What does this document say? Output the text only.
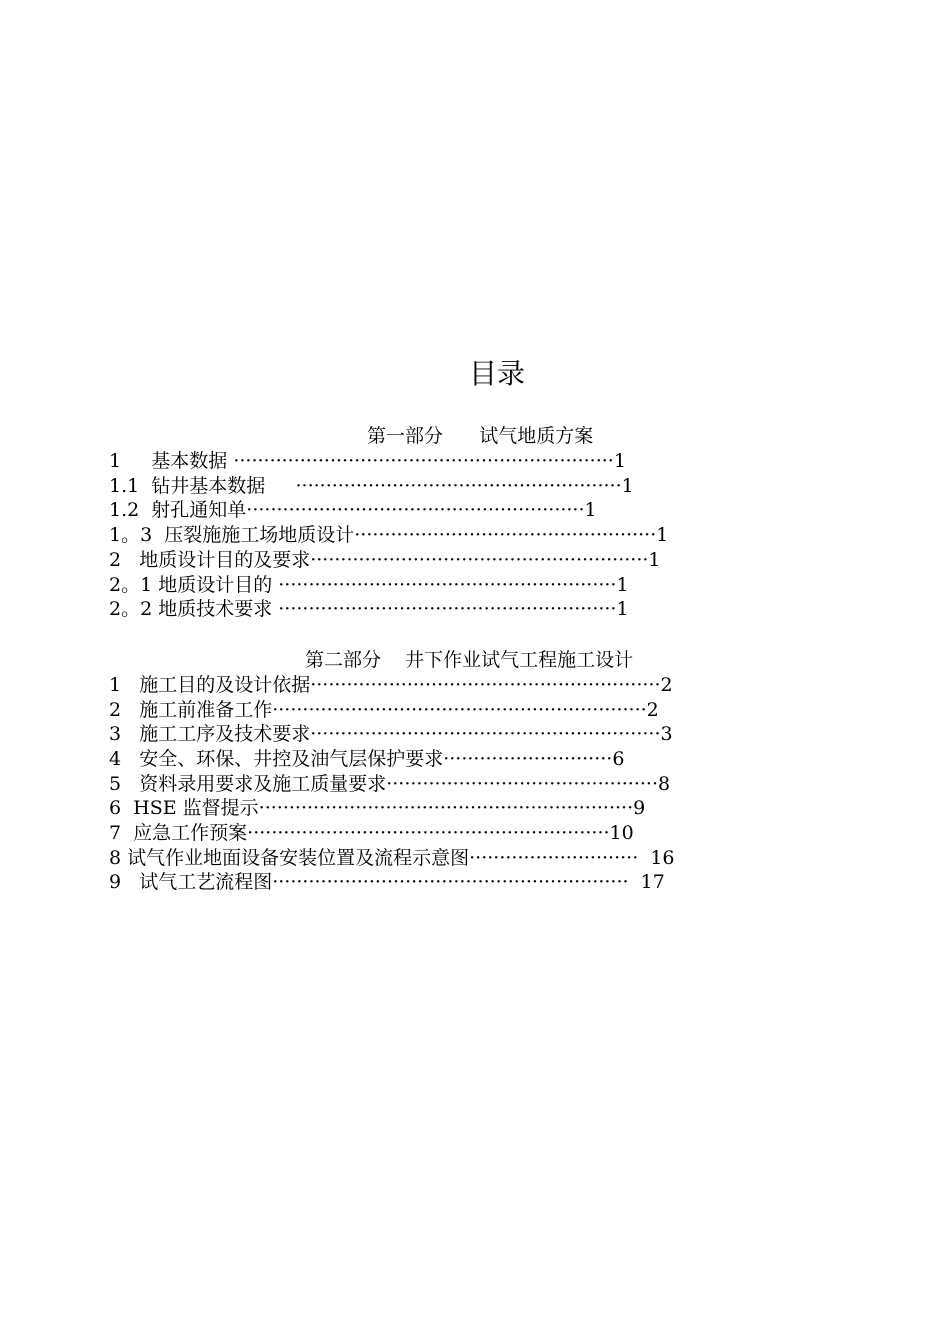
目录
第一部分      试气地质方案
1     基本数据 ·······························································1
1.1  钻井基本数据     ······················································1
1.2  射孔通知单························································1
1。3  压裂施施工场地质设计··················································1
2   地质设计目的及要求························································1
2。1 地质设计目的 ························································1
2。2 地质技术要求 ························································1
第二部分    井下作业试气工程施工设计
1   施工目的及设计依据··························································2
2   施工前准备工作······························································2
3   施工工序及技术要求··························································3
4   安全、环保、井控及油气层保护要求····························6
5   资料录用要求及施工质量要求·············································8
6  HSE 监督提示······························································9
7  应急工作预案····························································10
8 试气作业地面设备安装位置及流程示意图····························  16
9   试气工艺流程图···························································  17
